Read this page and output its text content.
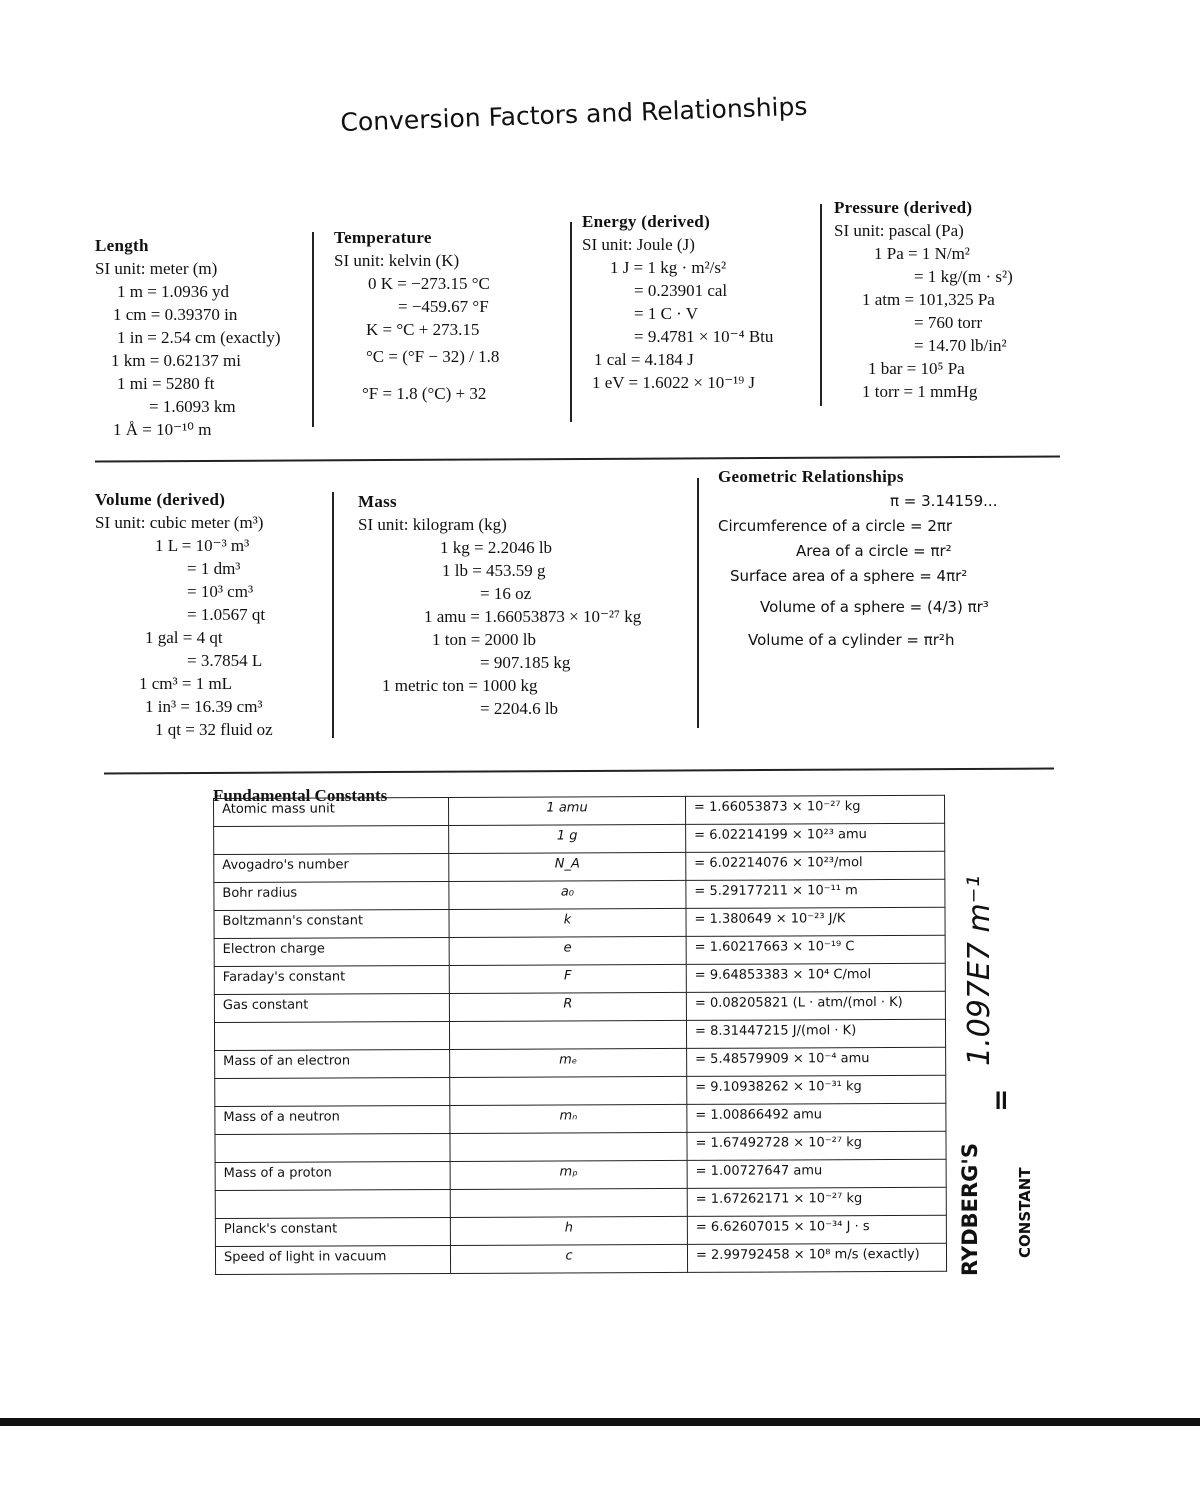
Conversion Factors and Relationships
Length
SI unit: meter (m)
1 m = 1.0936 yd
1 cm = 0.39370 in
1 in = 2.54 cm (exactly)
1 km = 0.62137 mi
1 mi = 5280 ft
= 1.6093 km
1 Å = 10⁻¹⁰ m
Temperature
SI unit: kelvin (K)
0 K = −273.15 °C
= −459.67 °F
K = °C + 273.15
°C = (°F − 32) / 1.8
°F = 1.8 (°C) + 32
Energy (derived)
SI unit: Joule (J)
1 J = 1 kg · m²/s²
= 0.23901 cal
= 1 C · V
= 9.4781 × 10⁻⁴ Btu
1 cal = 4.184 J
1 eV = 1.6022 × 10⁻¹⁹ J
Pressure (derived)
SI unit: pascal (Pa)
1 Pa = 1 N/m²
= 1 kg/(m · s²)
1 atm = 101,325 Pa
= 760 torr
= 14.70 lb/in²
1 bar = 10⁵ Pa
1 torr = 1 mmHg
Volume (derived)
SI unit: cubic meter (m³)
1 L = 10⁻³ m³
= 1 dm³
= 10³ cm³
= 1.0567 qt
1 gal = 4 qt
= 3.7854 L
1 cm³ = 1 mL
1 in³ = 16.39 cm³
1 qt = 32 fluid oz
Mass
SI unit: kilogram (kg)
1 kg = 2.2046 lb
1 lb = 453.59 g
= 16 oz
1 amu = 1.66053873 × 10⁻²⁷ kg
1 ton = 2000 lb
= 907.185 kg
1 metric ton = 1000 kg
= 2204.6 lb
Geometric Relationships
π = 3.14159...
Circumference of a circle = 2πr
Area of a circle = πr²
Surface area of a sphere = 4πr²
Volume of a sphere = (4/3) πr³
Volume of a cylinder = πr²h
Fundamental Constants
Atomic mass unit	1 amu	= 1.66053873 × 10⁻²⁷ kg
	1 g	= 6.02214199 × 10²³ amu
Avogadro's number	N_A	= 6.02214076 × 10²³/mol
Bohr radius	a₀	= 5.29177211 × 10⁻¹¹ m
Boltzmann's constant	k	= 1.380649 × 10⁻²³ J/K
Electron charge	e	= 1.60217663 × 10⁻¹⁹ C
Faraday's constant	F	= 9.64853383 × 10⁴ C/mol
Gas constant	R	= 0.08205821 (L · atm/(mol · K)
		= 8.31447215 J/(mol · K)
Mass of an electron	mₑ	= 5.48579909 × 10⁻⁴ amu
		= 9.10938262 × 10⁻³¹ kg
Mass of a neutron	mₙ	= 1.00866492 amu
		= 1.67492728 × 10⁻²⁷ kg
Mass of a proton	mₚ	= 1.00727647 amu
		= 1.67262171 × 10⁻²⁷ kg
Planck's constant	h	= 6.62607015 × 10⁻³⁴ J · s
Speed of light in vacuum	c	= 2.99792458 × 10⁸ m/s (exactly) RYDBERG'S CONSTANT
=
1.097E7 m⁻¹
